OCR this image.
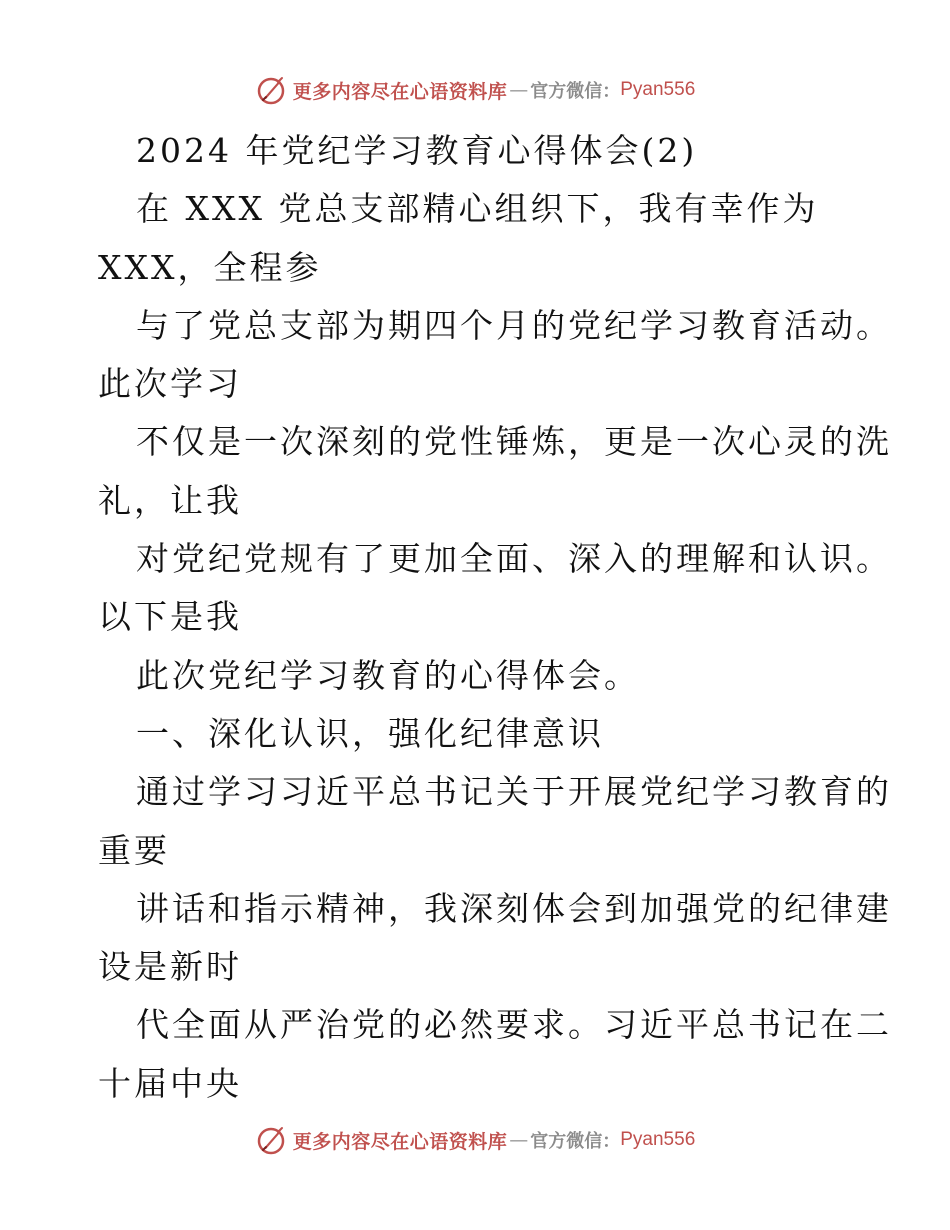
更多内容尽在心语资料库 — 官方微信： Pyan556
2024 年党纪学习教育心得体会(2)
在 XXX 党总支部精心组织下，我有幸作为
XXX，全程参
与了党总支部为期四个月的党纪学习教育活动。
此次学习
不仅是一次深刻的党性锤炼，更是一次心灵的洗
礼，让我
对党纪党规有了更加全面、深入的理解和认识。
以下是我
此次党纪学习教育的心得体会。
一、深化认识，强化纪律意识
通过学习习近平总书记关于开展党纪学习教育的
重要
讲话和指示精神，我深刻体会到加强党的纪律建
设是新时
代全面从严治党的必然要求。习近平总书记在二
十届中央
更多内容尽在心语资料库 — 官方微信： Pyan556
